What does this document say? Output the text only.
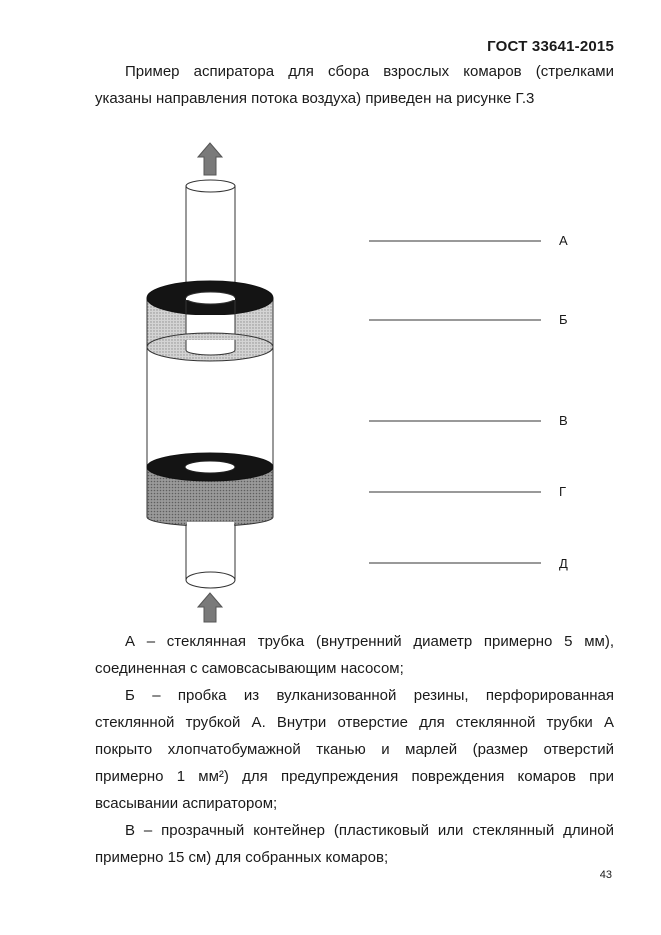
ГОСТ 33641-2015
Пример аспиратора для сбора взрослых комаров (стрелками указаны направления потока воздуха) приведен на рисунке Г.3
А
Б
В
Г
Д
А – стеклянная трубка (внутренний диаметр примерно 5 мм), соединенная с самовсасывающим насосом;
Б – пробка из вулканизованной резины, перфорированная стеклянной трубкой А. Внутри отверстие для стеклянной трубки А покрыто хлопчатобумажной тканью и марлей (размер отверстий примерно 1 мм²) для предупреждения повреждения комаров при всасывании аспиратором;
В – прозрачный контейнер (пластиковый или стеклянный длиной примерно 15 см) для собранных комаров;
43
